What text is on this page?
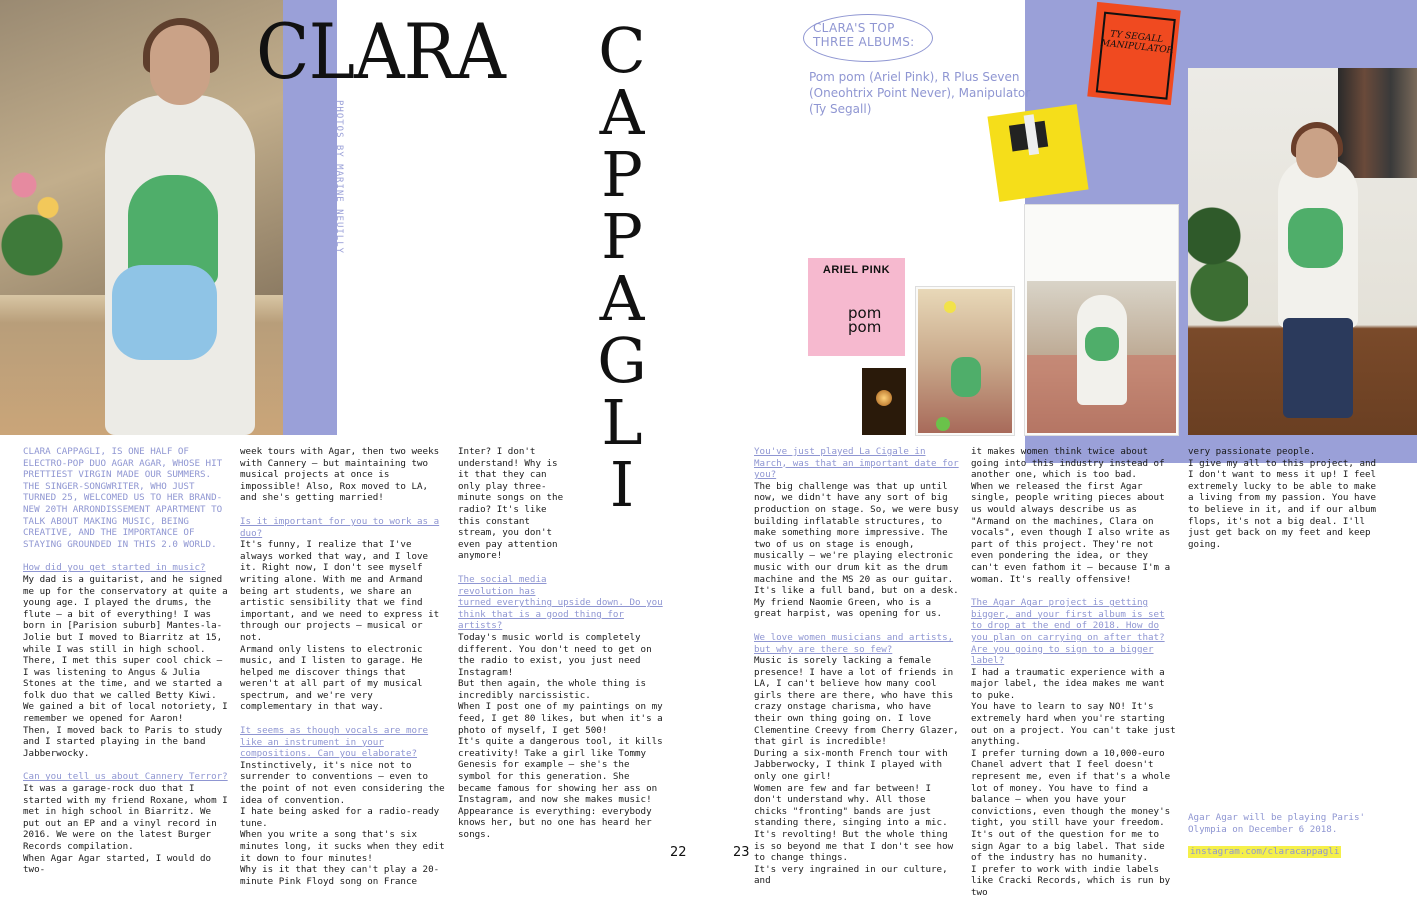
CLARA C
A
P
P
A
G
L
I
PHOTOS BY MARINE NEUILLY
CLARA'S TOP
THREE ALBUMS:
Pom pom (Ariel Pink), R Plus Seven (Oneohtrix Point Never), Manipulator (Ty Segall)
TY SEGALL MANIPULATOR
ARIEL PINK
pom pom

CLARA CAPPAGLI, IS ONE HALF OF ELECTRO-POP DUO AGAR AGAR, WHOSE HIT PRETTIEST VIRGIN MADE OUR SUMMERS. THE SINGER-SONGWRITER, WHO JUST TURNED 25, WELCOMED US TO HER BRAND-NEW 20TH ARRONDISSEMENT APARTMENT TO TALK ABOUT MAKING MUSIC, BEING CREATIVE, AND THE IMPORTANCE OF STAYING GROUNDED IN THIS 2.0 WORLD.

How did you get started in music?

My dad is a guitarist, and he signed me up for the conservatory at quite a young age. I played the drums, the flute – a bit of everything! I was born in [Parision suburb] Mantes-la-Jolie but I moved to Biarritz at 15, while I was still in high school. There, I met this super cool chick – I was listening to Angus & Julia Stones at the time, and we started a folk duo that we called Betty Kiwi. We gained a bit of local notoriety, I remember we opened for Aaron!

Then, I moved back to Paris to study and I started playing in the band Jabberwocky.

Can you tell us about Cannery Terror?

It was a garage-rock duo that I started with my friend Roxane, whom I met in high school in Biarritz. We put out an EP and a vinyl record in 2016. We were on the latest Burger Records compilation.

When Agar Agar started, I would do two-

week tours with Agar, then two weeks with Cannery – but maintaining two musical projects at once is impossible! Also, Rox moved to LA, and she's getting married!

Is it important for you to work as a duo?

It's funny, I realize that I've always worked that way, and I love it. Right now, I don't see myself writing alone. With me and Armand being art students, we share an artistic sensibility that we find important, and we need to express it through our projects – musical or not.

Armand only listens to electronic music, and I listen to garage. He helped me discover things that weren't at all part of my musical spectrum, and we're very complementary in that way.

It seems as though vocals are more like an instrument in your compositions. Can you elaborate?

Instinctively, it's nice not to surrender to conventions – even to the point of not even considering the idea of convention.

I hate being asked for a radio-ready tune.

When you write a song that's six minutes long, it sucks when they edit it down to four minutes!

Why is it that they can't play a 20-minute Pink Floyd song on France

Inter? I don't understand! Why is it that they can only play three-minute songs on the radio? It's like this constant stream, you don't even pay attention anymore!

The social media revolution has

turned everything upside down. Do you think that is a good thing for artists?

Today's music world is completely different. You don't need to get on the radio to exist, you just need Instagram!

But then again, the whole thing is incredibly narcissistic.

When I post one of my paintings on my feed, I get 80 likes, but when it's a photo of myself, I get 500!

It's quite a dangerous tool, it kills creativity! Take a girl like Tommy Genesis for example – she's the symbol for this generation. She became famous for showing her ass on Instagram, and now she makes music! Appearance is everything: everybody knows her, but no one has heard her songs.

22	23

You've just played La Cigale in March, was that an important date for you?

The big challenge was that up until now, we didn't have any sort of big production on stage. So, we were busy building inflatable structures, to make something more impressive. The two of us on stage is enough, musically – we're playing electronic music with our drum kit as the drum machine and the MS 20 as our guitar. It's like a full band, but on a desk.

My friend Naomie Green, who is a great harpist, was opening for us.

We love women musicians and artists, but why are there so few?

Music is sorely lacking a female presence! I have a lot of friends in LA, I can't believe how many cool girls there are there, who have this crazy onstage charisma, who have their own thing going on. I love Clementine Creevy from Cherry Glazer, that girl is incredible!

During a six-month French tour with Jabberwocky, I think I played with only one girl!

Women are few and far between! I don't understand why. All those chicks "fronting" bands are just standing there, singing into a mic. It's revolting! But the whole thing is so beyond me that I don't see how to change things.

It's very ingrained in our culture, and

it makes women think twice about going into this industry instead of another one, which is too bad.

When we released the first Agar single, people writing pieces about us would always describe us as "Armand on the machines, Clara on vocals", even though I also write as part of this project. They're not even pondering the idea, or they can't even fathom it – because I'm a woman. It's really offensive!

The Agar Agar project is getting bigger, and your first album is set to drop at the end of 2018. How do you plan on carrying on after that? Are you going to sign to a bigger label?

I had a traumatic experience with a major label, the idea makes me want to puke.

You have to learn to say NO! It's extremely hard when you're starting out on a project. You can't take just anything.

I prefer turning down a 10,000-euro Chanel advert that I feel doesn't represent me, even if that's a whole lot of money. You have to find a balance – when you have your convictions, even though the money's tight, you still have your freedom.

It's out of the question for me to sign Agar to a big label. That side of the industry has no humanity.

I prefer to work with indie labels like Cracki Records, which is run by two

very passionate people.

I give my all to this project, and I don't want to mess it up! I feel extremely lucky to be able to make a living from my passion. You have to believe in it, and if our album flops, it's not a big deal. I'll just get back on my feet and keep going.

Agar Agar will be playing Paris' Olympia on December 6 2018.
instagram.com/claracappagli
